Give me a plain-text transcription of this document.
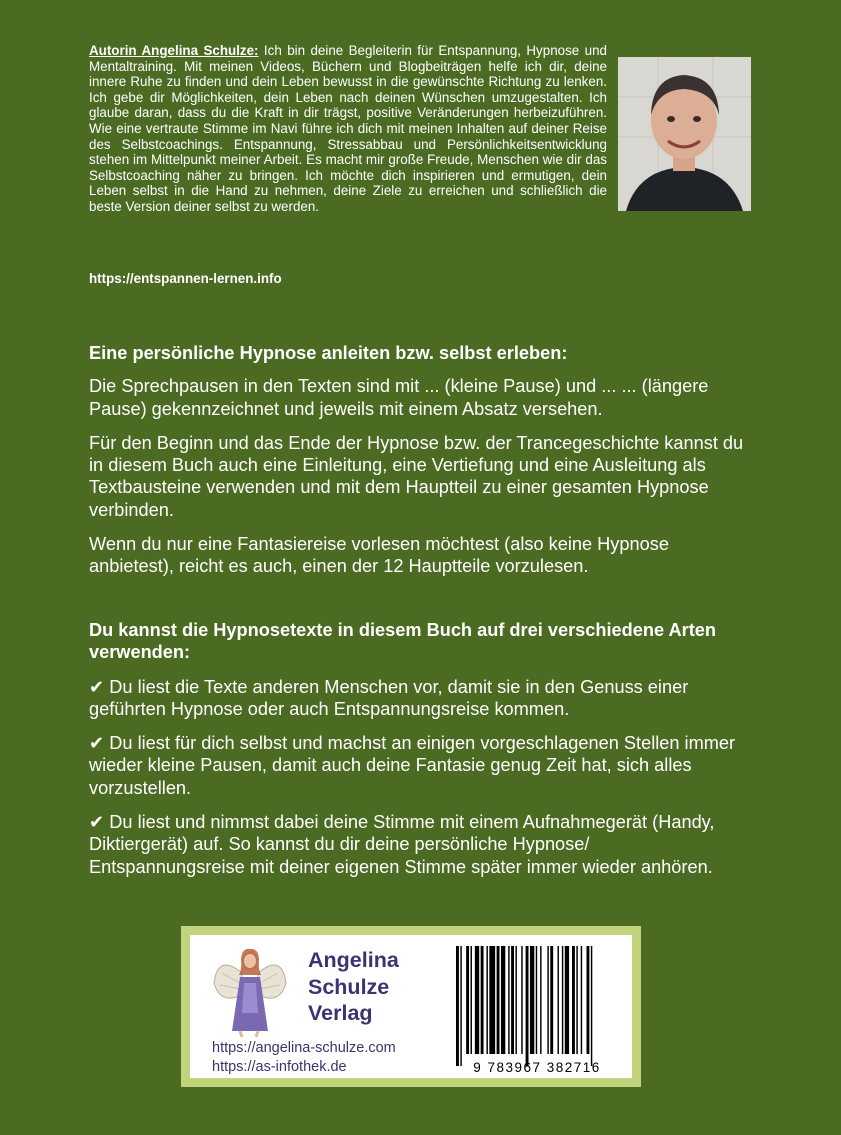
Autorin Angelina Schulze: Ich bin deine Begleiterin für Entspannung, Hypnose und Mentaltraining. Mit meinen Videos, Büchern und Blogbeiträgen helfe ich dir, deine innere Ruhe zu finden und dein Leben bewusst in die gewünschte Richtung zu lenken. Ich gebe dir Möglichkeiten, dein Leben nach deinen Wünschen umzugestalten. Ich glaube daran, dass du die Kraft in dir trägst, positive Veränderungen herbeizuführen. Wie eine vertraute Stimme im Navi führe ich dich mit meinen Inhalten auf deiner Reise des Selbstcoachings. Entspannung, Stressabbau und Persönlichkeitsentwicklung stehen im Mittelpunkt meiner Arbeit. Es macht mir große Freude, Menschen wie dir das Selbstcoaching näher zu bringen. Ich möchte dich inspirieren und ermutigen, dein Leben selbst in die Hand zu nehmen, deine Ziele zu erreichen und schließlich die beste Version deiner selbst zu werden.

https://entspannen-lernen.info

Eine persönliche Hypnose anleiten bzw. selbst erleben:

Die Sprechpausen in den Texten sind mit ... (kleine Pause) und ... ... (längere Pause) gekennzeichnet und jeweils mit einem Absatz versehen.

Für den Beginn und das Ende der Hypnose bzw. der Trancegeschichte kannst du in diesem Buch auch eine Einleitung, eine Vertiefung und eine Ausleitung als Textbausteine verwenden und mit dem Hauptteil zu einer gesamten Hypnose verbinden.

Wenn du nur eine Fantasiereise vorlesen möchtest (also keine Hypnose anbietest), reicht es auch, einen der 12 Hauptteile vorzulesen.

Du kannst die Hypnosetexte in diesem Buch auf drei verschiedene Arten verwenden:

✔ Du liest die Texte anderen Menschen vor, damit sie in den Genuss einer geführten Hypnose oder auch Entspannungsreise kommen.

✔ Du liest für dich selbst und machst an einigen vorgeschlagenen Stellen immer wieder kleine Pausen, damit auch deine Fantasie genug Zeit hat, sich alles vorzustellen.

✔ Du liest und nimmst dabei deine Stimme mit einem Aufnahmegerät (Handy, Diktiergerät) auf. So kannst du dir deine persönliche Hypnose/ Entspannungsreise mit deiner eigenen Stimme später immer wieder anhören.

Angelina
Schulze
Verlag
https://angelina-schulze.com
https://as-infothek.de	9 783967 382716
